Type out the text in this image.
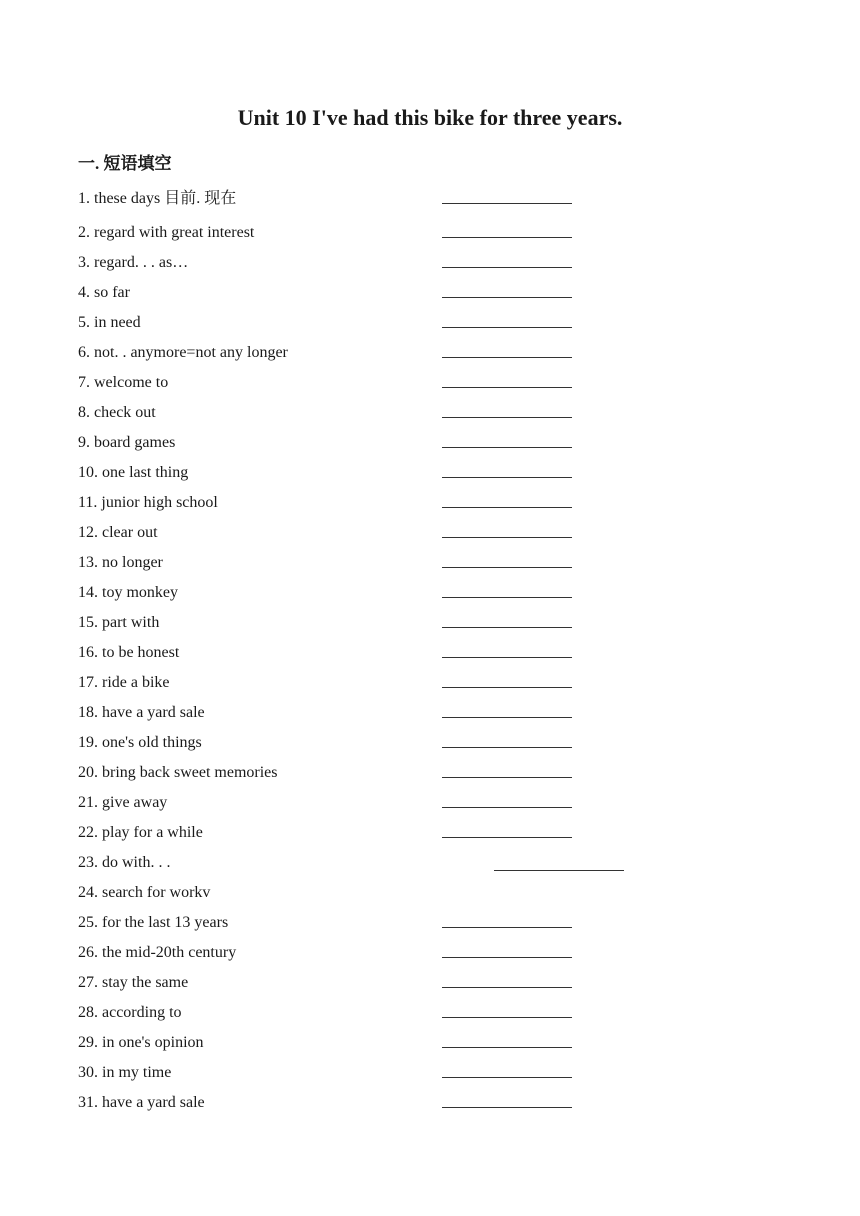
Unit 10 I've had this bike for three years.
一. 短语填空
1. these days 目前. 现在
2. regard with great interest
3. regard. . . as…
4. so far
5. in need
6. not. . anymore=not any longer
7. welcome to
8. check out
9. board games
10. one last thing
11. junior high school
12. clear out
13. no longer
14. toy monkey
15. part with
16. to be honest
17. ride a bike
18. have a yard sale
19. one's old things
20. bring back sweet memories
21. give away
22. play for a while
23. do with. . .
24. search for workv
25. for the last 13 years
26. the mid-20th century
27. stay the same
28. according to
29. in one's opinion
30. in my time
31. have a yard sale
